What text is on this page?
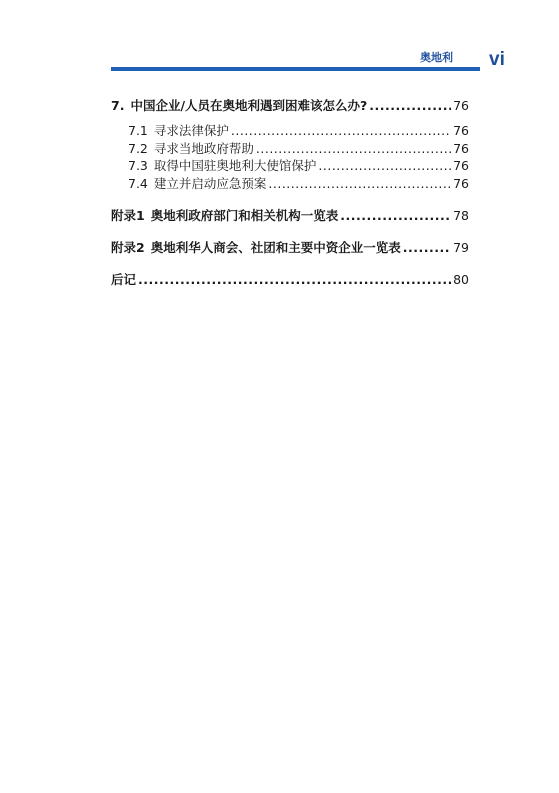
奥地利 vi
7. 中国企业/人员在奥地利遇到困难该怎么办? .....	76
7.1 寻求法律保护 .....	76
7.2 寻求当地政府帮助 .....	76
7.3 取得中国驻奥地利大使馆保护 .....	76
7.4 建立并启动应急预案 .....	76
附录1 奥地利政府部门和相关机构一览表 .....	78
附录2 奥地利华人商会、社团和主要中资企业一览表 .....	79
后记 .....	80
